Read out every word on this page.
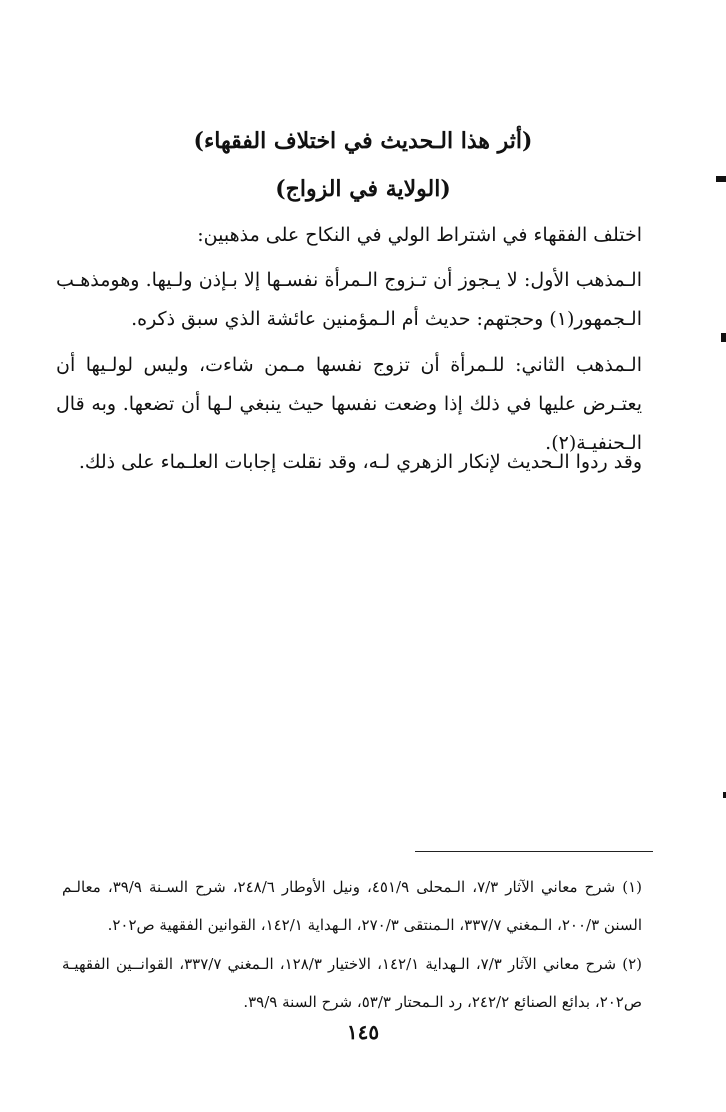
(أثر هذا الـحديث في اختلاف الفقهاء)
(الولاية في الزواج)

اختلف الفقهاء في اشتراط الولي في النكاح على مذهبين:

الـمذهب الأول: لا يـجوز أن تـزوج الـمرأة نفسـها إلا بـإذن ولـيها. وهومذهـب الـجمهور(١) وحجتهم: حديث أم الـمؤمنين عائشة الذي سبق ذكره.

الـمذهب الثاني: للـمرأة أن تزوج نفسها مـمن شاءت، وليس لولـيها أن يعتـرض عليها في ذلك إذا وضعت نفسها حيث ينبغي لـها أن تضعها. وبه قال الـحنفيـة(٢).

وقد ردوا الـحديث لإنكار الزهري لـه، وقد نقلت إجابات العلـماء على ذلك.

(١) شرح معاني الآثار ٧/٣، الـمحلى ٤٥١/٩، ونيل الأوطار ٢٤٨/٦، شرح السـنة ٣٩/٩، معالـم السنن ٢٠٠/٣، الـمغني ٣٣٧/٧، الـمنتقى ٢٧٠/٣، الـهداية ١٤٢/١، القوانين الفقهية ص٢٠٢.

(٢) شرح معاني الآثار ٧/٣، الـهداية ١٤٢/١، الاختيار ١٢٨/٣، الـمغني ٣٣٧/٧، القوانــين الفقهيـة ص٢٠٢، بدائع الصنائع ٢٤٢/٢، رد الـمحتار ٥٣/٣، شرح السنة ٣٩/٩.

١٤٥
